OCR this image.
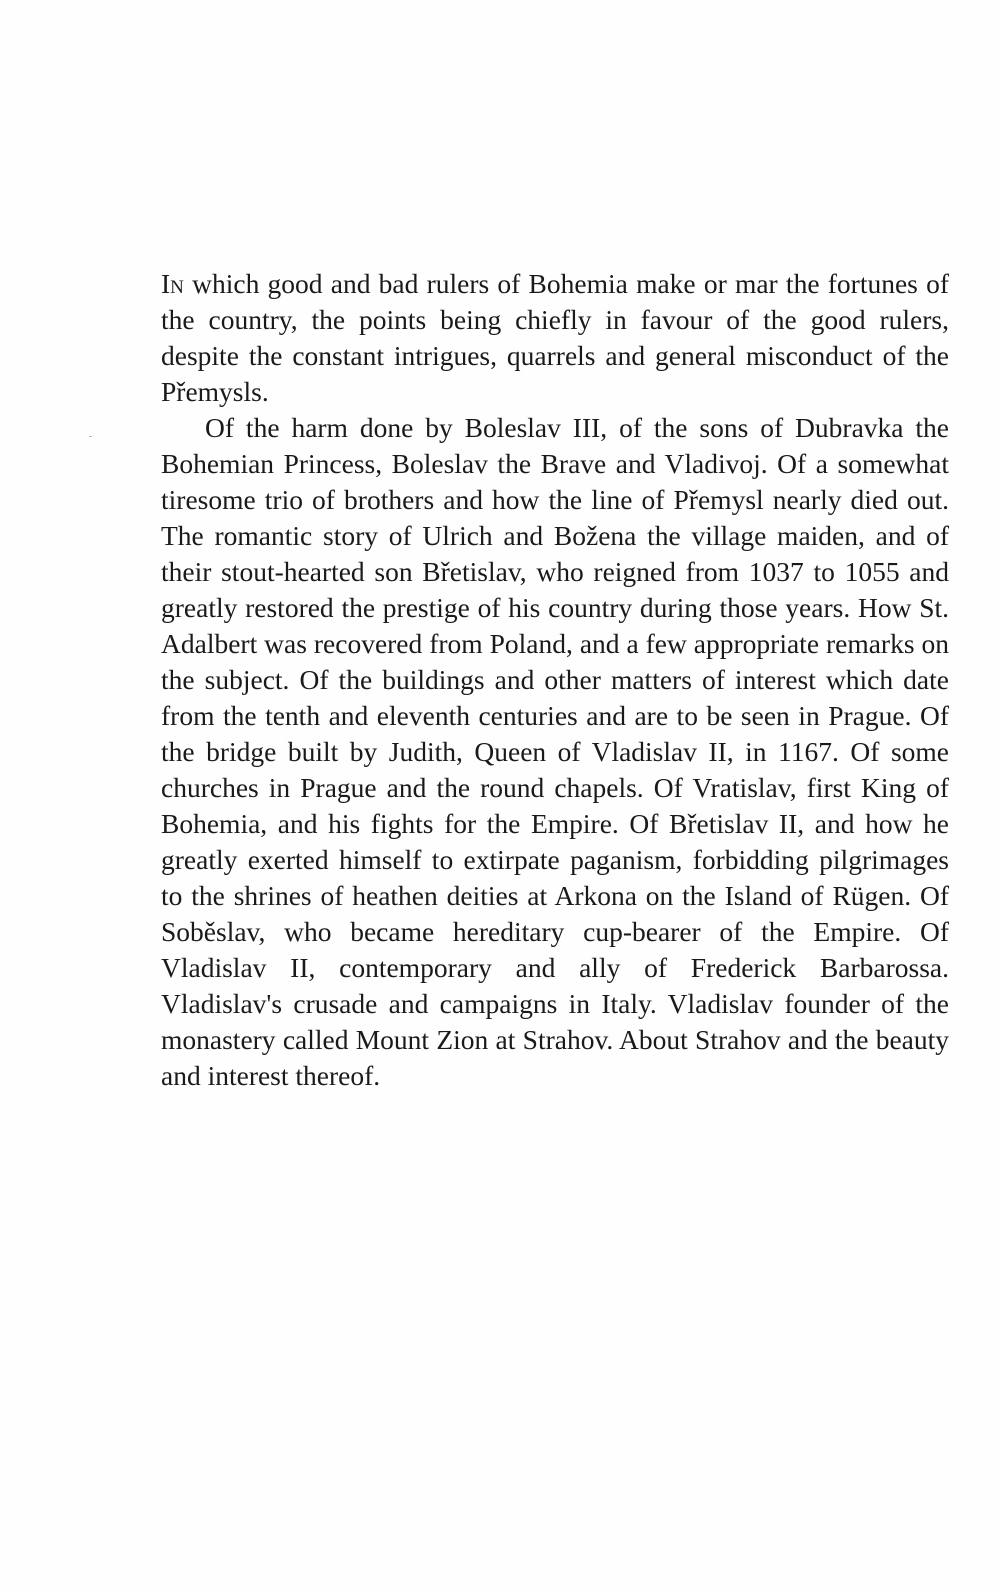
In which good and bad rulers of Bohemia make or mar the fortunes of the country, the points being chiefly in favour of the good rulers, despite the constant intrigues, quarrels and general misconduct of the Přemysls.

Of the harm done by Boleslav III, of the sons of Dubravka the Bohemian Princess, Boleslav the Brave and Vladivoj. Of a somewhat tiresome trio of brothers and how the line of Přemysl nearly died out. The romantic story of Ulrich and Božena the village maiden, and of their stout-hearted son Břetislav, who reigned from 1037 to 1055 and greatly restored the prestige of his country during those years. How St. Adalbert was recovered from Poland, and a few appropriate remarks on the subject. Of the buildings and other matters of interest which date from the tenth and eleventh centuries and are to be seen in Prague. Of the bridge built by Judith, Queen of Vladislav II, in 1167. Of some churches in Prague and the round chapels. Of Vratislav, first King of Bohemia, and his fights for the Empire. Of Břetislav II, and how he greatly exerted himself to extirpate paganism, forbidding pilgrimages to the shrines of heathen deities at Arkona on the Island of Rügen. Of Soběslav, who became hereditary cup-bearer of the Empire. Of Vladislav II, contemporary and ally of Frederick Barbarossa. Vladislav's crusade and campaigns in Italy. Vladislav founder of the monastery called Mount Zion at Strahov. About Strahov and the beauty and interest thereof.
